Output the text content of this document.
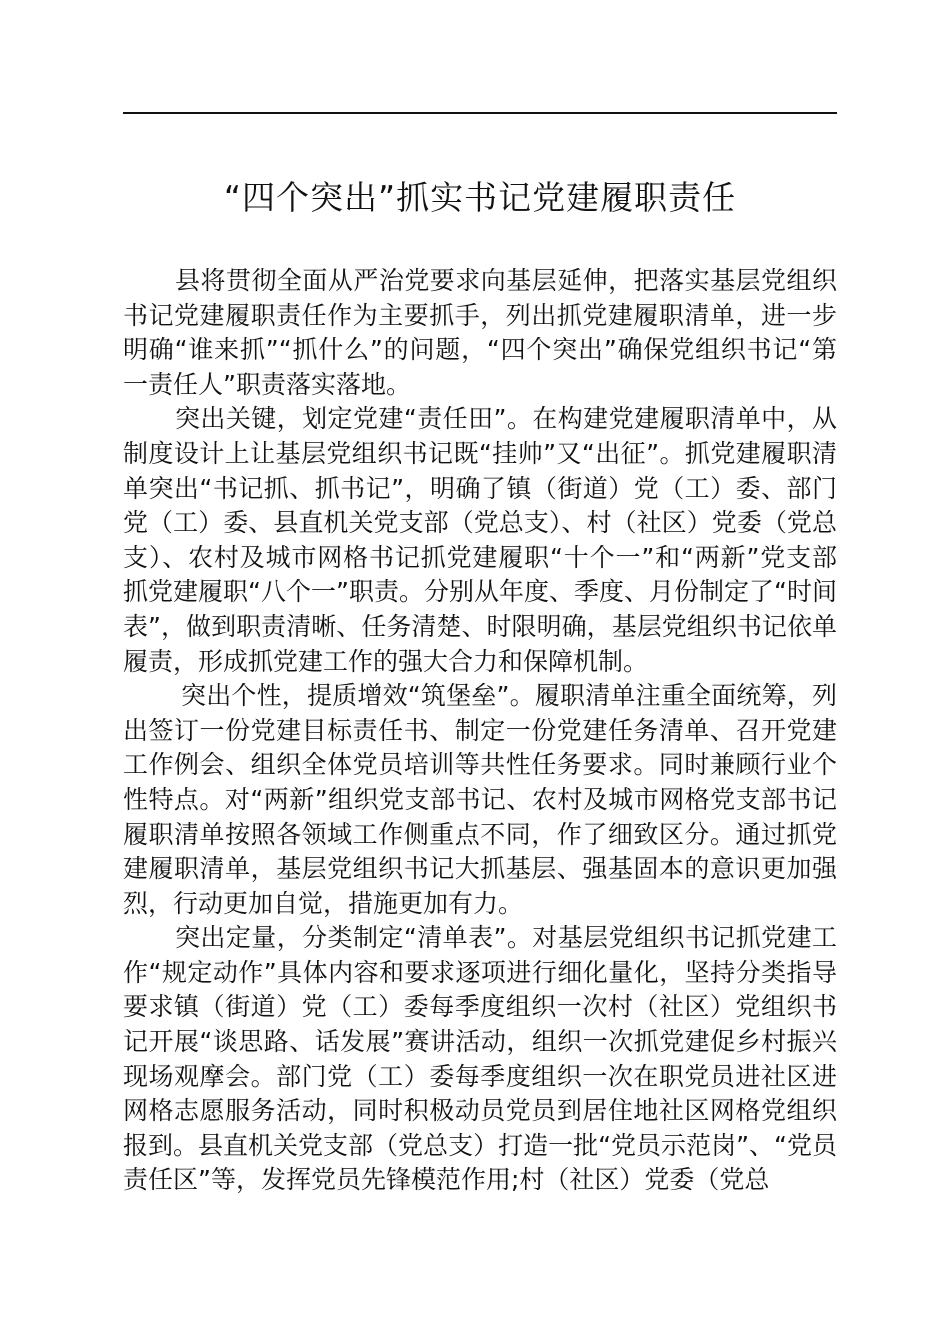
“四个突出”抓实书记党建履职责任

县将贯彻全面从严治党要求向基层延伸，把落实基层党组织书记党建履职责任作为主要抓手，列出抓党建履职清单，进一步明确“谁来抓”“抓什么”的问题，“四个突出”确保党组织书记“第一责任人”职责落实落地。

突出关键，划定党建“责任田”。在构建党建履职清单中，从制度设计上让基层党组织书记既“挂帅”又“出征”。抓党建履职清单突出“书记抓、抓书记”，明确了镇（街道）党（工）委、部门党（工）委、县直机关党支部（党总支）、村（社区）党委（党总支）、农村及城市网格书记抓党建履职“十个一”和“两新”党支部抓党建履职“八个一”职责。分别从年度、季度、月份制定了“时间表”，做到职责清晰、任务清楚、时限明确，基层党组织书记依单履责，形成抓党建工作的强大合力和保障机制。

突出个性，提质增效“筑堡垒”。履职清单注重全面统筹，列出签订一份党建目标责任书、制定一份党建任务清单、召开党建工作例会、组织全体党员培训等共性任务要求。同时兼顾行业个性特点。对“两新”组织党支部书记、农村及城市网格党支部书记履职清单按照各领域工作侧重点不同，作了细致区分。通过抓党建履职清单，基层党组织书记大抓基层、强基固本的意识更加强烈，行动更加自觉，措施更加有力。

突出定量，分类制定“清单表”。对基层党组织书记抓党建工作“规定动作”具体内容和要求逐项进行细化量化，坚持分类指导要求镇（街道）党（工）委每季度组织一次村（社区）党组织书记开展“谈思路、话发展”赛讲活动，组织一次抓党建促乡村振兴现场观摩会。部门党（工）委每季度组织一次在职党员进社区进网格志愿服务活动，同时积极动员党员到居住地社区网格党组织报到。县直机关党支部（党总支）打造一批“党员示范岗”、“党员责任区”等，发挥党员先锋模范作用;村（社区）党委（党总
